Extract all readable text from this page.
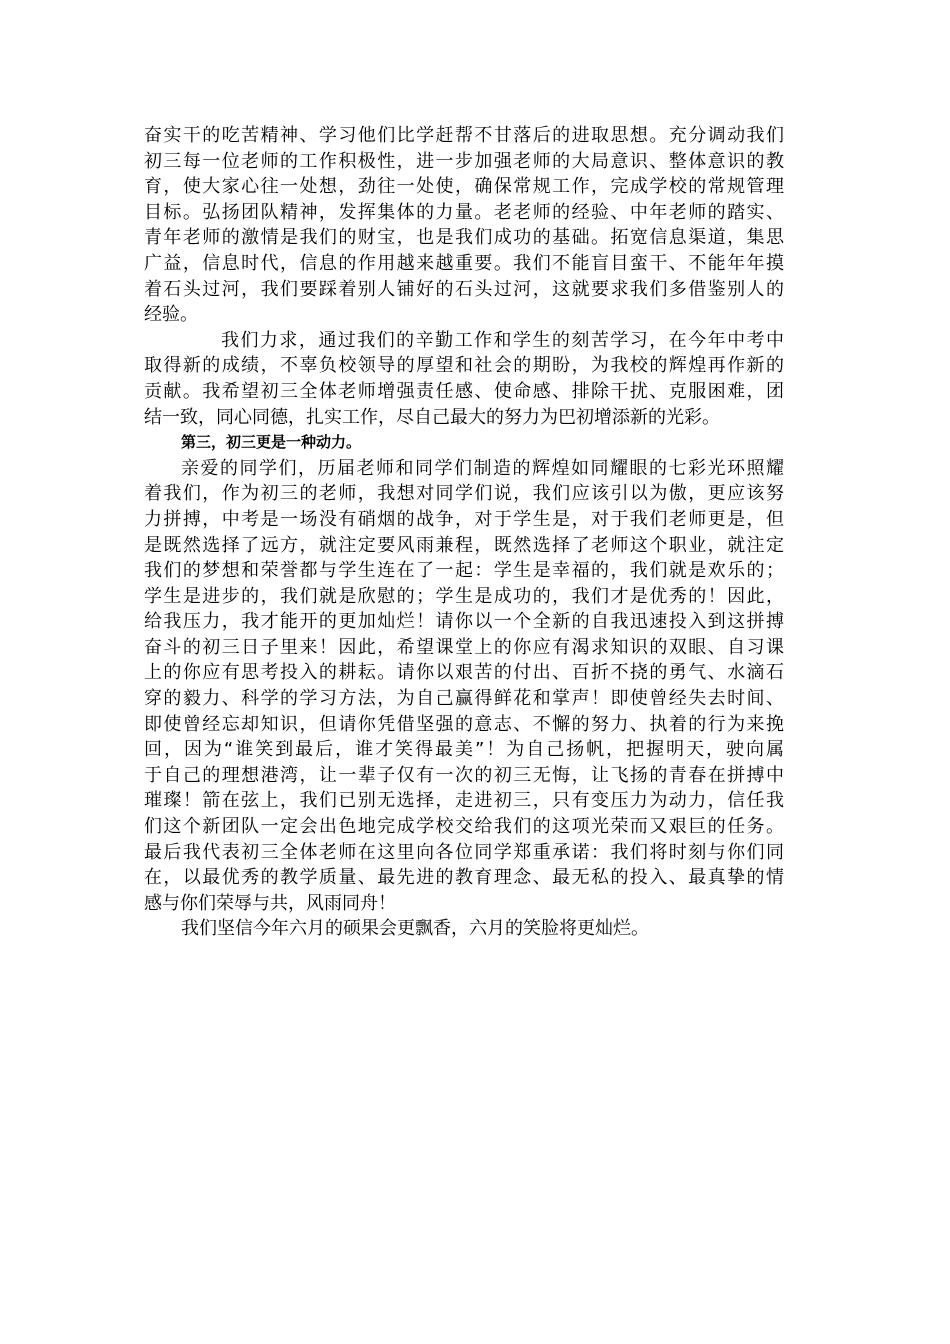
奋实干的吃苦精神、学习他们比学赶帮不甘落后的进取思想。充分调动我们
初三每一位老师的工作积极性，进一步加强老师的大局意识、整体意识的教
育，使大家心往一处想，劲往一处使，确保常规工作，完成学校的常规管理
目标。弘扬团队精神，发挥集体的力量。老老师的经验、中年老师的踏实、
青年老师的激情是我们的财宝，也是我们成功的基础。拓宽信息渠道，集思
广益，信息时代，信息的作用越来越重要。我们不能盲目蛮干、不能年年摸
着石头过河，我们要踩着别人铺好的石头过河，这就要求我们多借鉴别人的
经验。
我们力求，通过我们的辛勤工作和学生的刻苦学习，在今年中考中
取得新的成绩，不辜负校领导的厚望和社会的期盼，为我校的辉煌再作新的
贡献。我希望初三全体老师增强责任感、使命感、排除干扰、克服困难，团
结一致，同心同德，扎实工作，尽自己最大的努力为巴初增添新的光彩。
第三，初三更是一种动力。
亲爱的同学们，历届老师和同学们制造的辉煌如同耀眼的七彩光环照耀
着我们，作为初三的老师，我想对同学们说，我们应该引以为傲，更应该努
力拼搏，中考是一场没有硝烟的战争，对于学生是，对于我们老师更是，但
是既然选择了远方，就注定要风雨兼程，既然选择了老师这个职业，就注定
我们的梦想和荣誉都与学生连在了一起：学生是幸福的，我们就是欢乐的；
学生是进步的，我们就是欣慰的；学生是成功的，我们才是优秀的！因此，
给我压力，我才能开的更加灿烂！请你以一个全新的自我迅速投入到这拼搏
奋斗的初三日子里来！因此，希望课堂上的你应有渴求知识的双眼、自习课
上的你应有思考投入的耕耘。请你以艰苦的付出、百折不挠的勇气、水滴石
穿的毅力、科学的学习方法，为自己赢得鲜花和掌声！即使曾经失去时间、
即使曾经忘却知识，但请你凭借坚强的意志、不懈的努力、执着的行为来挽
回，因为“谁笑到最后，谁才笑得最美”！为自己扬帆，把握明天，驶向属
于自己的理想港湾，让一辈子仅有一次的初三无悔，让飞扬的青春在拼搏中
璀璨！箭在弦上，我们已别无选择，走进初三，只有变压力为动力，信任我
们这个新团队一定会出色地完成学校交给我们的这项光荣而又艰巨的任务。
最后我代表初三全体老师在这里向各位同学郑重承诺：我们将时刻与你们同
在，以最优秀的教学质量、最先进的教育理念、最无私的投入、最真挚的情
感与你们荣辱与共，风雨同舟！
我们坚信今年六月的硕果会更飘香，六月的笑脸将更灿烂。
